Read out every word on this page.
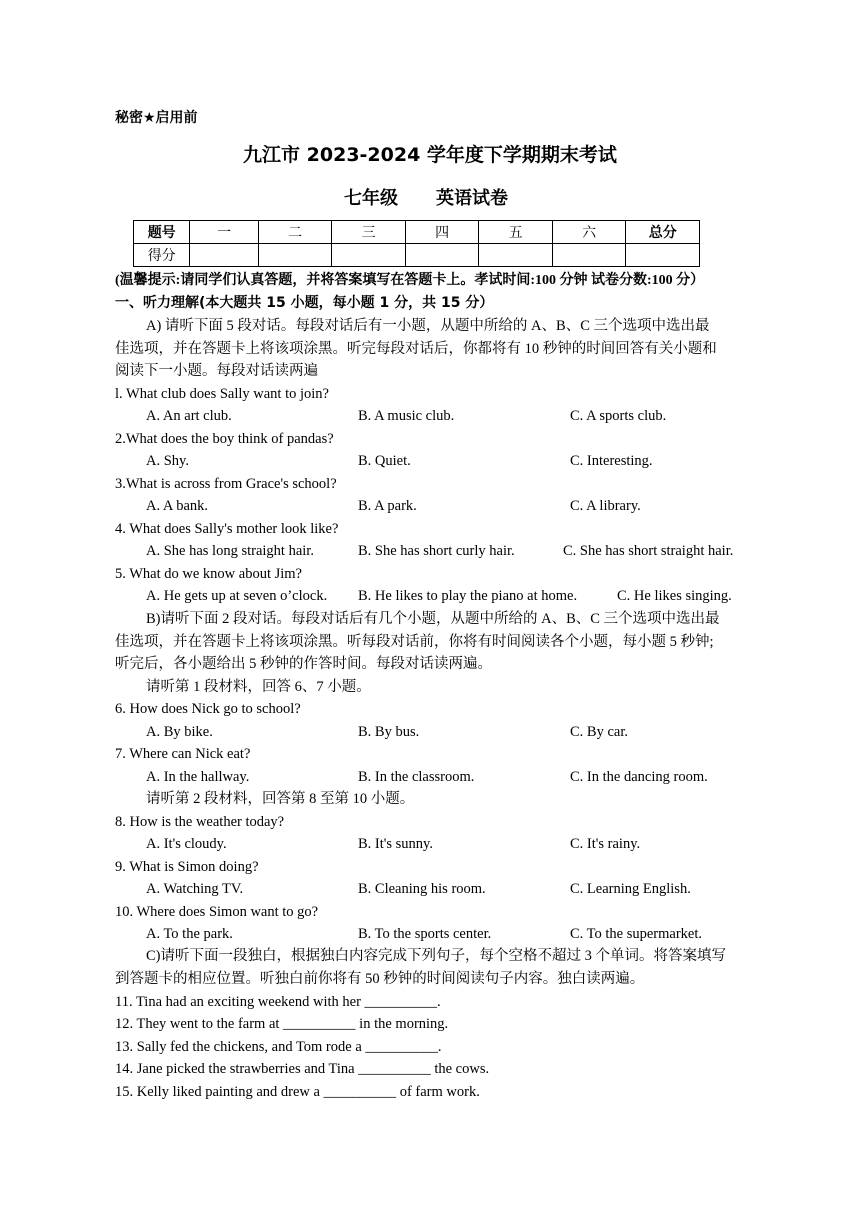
秘密★启用前
九江市 2023-2024 学年度下学期期末考试
七年级 英语试卷
题号	一	二	三	四	五	六	总分
得分							
(温馨提示:请同学们认真答题，并将答案填写在答题卡上。孝试时间:100 分钟 试卷分数:100 分）
一、听力理解(本大题共 15 小题，每小题 1 分，共 15 分）
A) 请听下面 5 段对话。每段对话后有一小题，从题中所给的 A、B、C 三个选项中选出最
佳选项，并在答题卡上将该项涂黑。听完每段对话后，你都将有 10 秒钟的时间回答有关小题和
阅读下一小题。每段对话读两遍
l. What club does Sally want to join?
A. An art club.	B. A music club.	C. A sports club.
2.What does the boy think of pandas?
A. Shy.	B. Quiet.	C. Interesting.
3.What is across from Grace's school?
A. A bank.	B. A park.	C. A library.
4. What does Sally's mother look like?
A. She has long straight hair.	B. She has short curly hair.	C. She has short straight hair.
5. What do we know about Jim?
A. He gets up at seven o’clock. B. He likes to play the piano at home.	C. He likes singing.
B)请听下面 2 段对话。每段对话后有几个小题，从题中所给的 A、B、C 三个选项中选出最
佳选项，并在答题卡上将该项涂黑。听每段对话前，你将有时间阅读各个小题，每小题 5 秒钟;
听完后，各小题给出 5 秒钟的作答时间。每段对话读两遍。
请听第 1 段材料，回答 6、7 小题。
6. How does Nick go to school?
A. By bike.	B. By bus.	C. By car.
7. Where can Nick eat?
A. In the hallway.	B. In the classroom.	C. In the dancing room.
请听第 2 段材料，回答第 8 至第 10 小题。
8. How is the weather today?
A. It's cloudy.	B. It's sunny.	C. It's rainy.
9. What is Simon doing?
A. Watching TV.	B. Cleaning his room.	C. Learning English.
10. Where does Simon want to go?
A. To the park.	B. To the sports center.	C. To the supermarket.
C)请听下面一段独白，根据独白内容完成下列句子，每个空格不超过 3 个单词。将答案填写
到答题卡的相应位置。听独白前你将有 50 秒钟的时间阅读句子内容。独白读两遍。
11. Tina had an exciting weekend with her __________.
12. They went to the farm at __________ in the morning.
13. Sally fed the chickens, and Tom rode a __________.
14. Jane picked the strawberries and Tina __________ the cows.
15. Kelly liked painting and drew a __________ of farm work.
